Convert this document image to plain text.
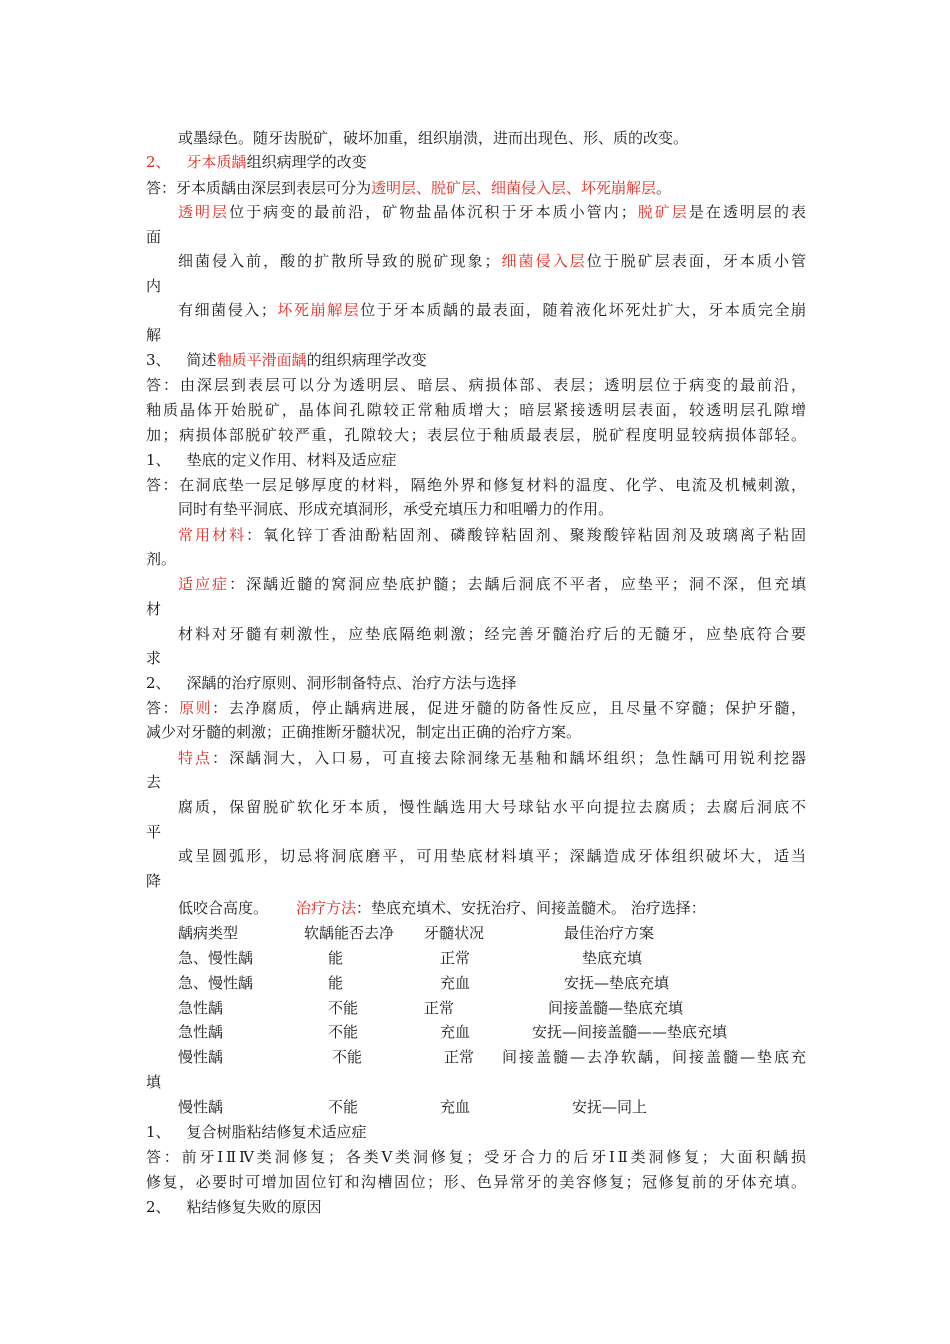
或墨绿色。随牙齿脱矿，破坏加重，组织崩溃，进而出现色、形、质的改变。
2、 牙本质龋组织病理学的改变
答：牙本质龋由深层到表层可分为透明层、脱矿层、细菌侵入层、坏死崩解层。
透明层位于病变的最前沿，矿物盐晶体沉积于牙本质小管内；脱矿层是在透明层的表
面
细菌侵入前，酸的扩散所导致的脱矿现象；细菌侵入层位于脱矿层表面，牙本质小管
内
有细菌侵入；坏死崩解层位于牙本质龋的最表面，随着液化坏死灶扩大，牙本质完全崩
解
3、 简述釉质平滑面龋的组织病理学改变
答：由深层到表层可以分为透明层、暗层、病损体部、表层；透明层位于病变的最前沿，
釉质晶体开始脱矿，晶体间孔隙较正常釉质增大；暗层紧接透明层表面，较透明层孔隙增
加；病损体部脱矿较严重，孔隙较大；表层位于釉质最表层，脱矿程度明显较病损体部轻。
1、 垫底的定义作用、材料及适应症
答：在洞底垫一层足够厚度的材料，隔绝外界和修复材料的温度、化学、电流及机械刺激，
同时有垫平洞底、形成充填洞形，承受充填压力和咀嚼力的作用。
常用材料：氧化锌丁香油酚粘固剂、磷酸锌粘固剂、聚羧酸锌粘固剂及玻璃离子粘固
剂。
适应症：深龋近髓的窝洞应垫底护髓；去龋后洞底不平者，应垫平；洞不深，但充填
材
材料对牙髓有刺激性，应垫底隔绝刺激；经完善牙髓治疗后的无髓牙，应垫底符合要
求
2、 深龋的治疗原则、洞形制备特点、治疗方法与选择
答：原则：去净腐质，停止龋病进展，促进牙髓的防备性反应，且尽量不穿髓；保护牙髓，
减少对牙髓的刺激；正确推断牙髓状况，制定出正确的治疗方案。
特点：深龋洞大，入口易，可直接去除洞缘无基釉和龋坏组织；急性龋可用锐利挖器
去
腐质，保留脱矿软化牙本质，慢性龋选用大号球钻水平向提拉去腐质；去腐后洞底不
平
或呈圆弧形，切忌将洞底磨平，可用垫底材料填平；深龋造成牙体组织破坏大，适当
降
低咬合高度。 治疗方法：垫底充填术、安抚治疗、间接盖髓术。 治疗选择：
龋病类型	软龋能否去净 牙髓状况	最佳治疗方案
急、慢性龋	能	正常	垫底充填
急、慢性龋	能	充血	安抚—垫底充填
急性龋	不能	正常	间接盖髓—垫底充填
急性龋	不能	充血	安抚—间接盖髓——垫底充填
慢性龋	不能	正常 间接盖髓—去净软龋，间接盖髓—垫底充
填
慢性龋	不能	充血	安抚—同上
1、 复合树脂粘结修复术适应症
答：前牙ⅠⅡⅣ类洞修复；各类Ⅴ类洞修复；受牙合力的后牙ⅠⅡ类洞修复；大面积龋损
修复，必要时可增加固位钉和沟槽固位；形、色异常牙的美容修复；冠修复前的牙体充填。
2、 粘结修复失败的原因
